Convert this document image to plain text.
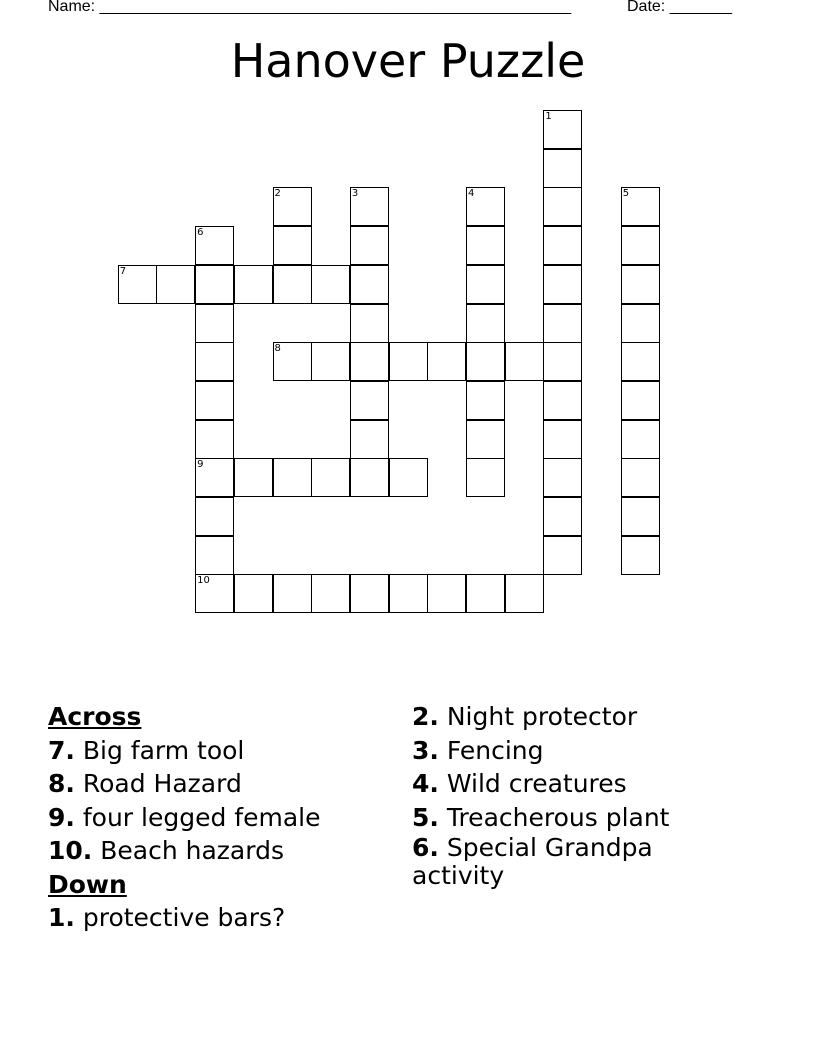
Name: _____________________________________________________	Date: _______
Hanover Puzzle
1
2	3	4	5
6
9
10
7
8
Across
7. Big farm tool
8. Road Hazard
9. four legged female
10. Beach hazards
Down
1. protective bars?
2. Night protector
3. Fencing
4. Wild creatures
5. Treacherous plant
6. Special Grandpa activity
